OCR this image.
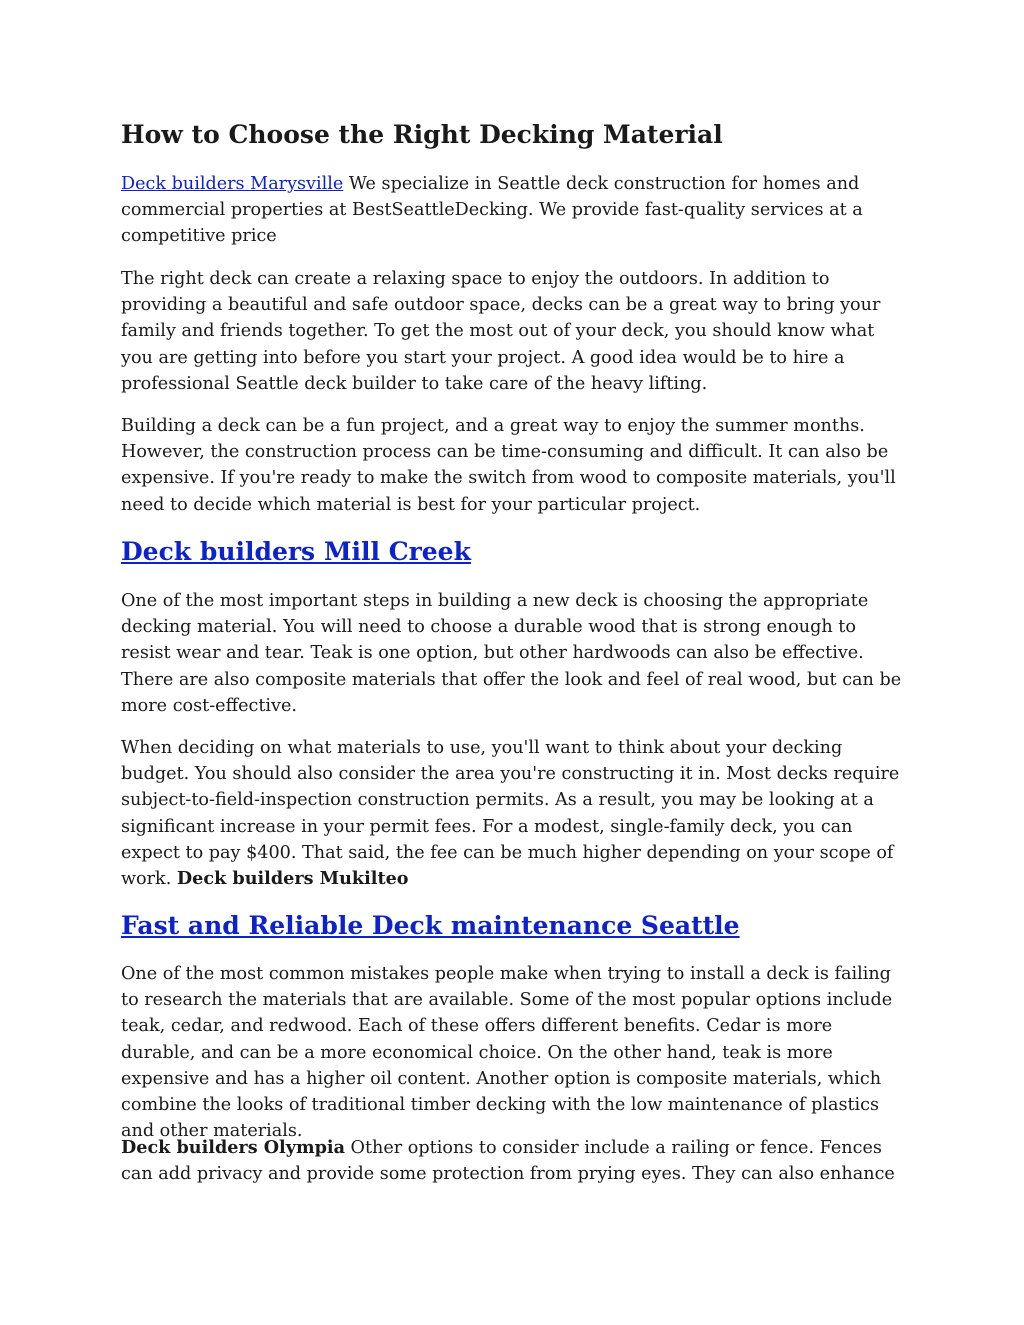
How to Choose the Right Decking Material

Deck builders Marysville We specialize in Seattle deck construction for homes and commercial properties at BestSeattleDecking. We provide fast-quality services at a competitive price

The right deck can create a relaxing space to enjoy the outdoors. In addition to providing a beautiful and safe outdoor space, decks can be a great way to bring your family and friends together. To get the most out of your deck, you should know what you are getting into before you start your project. A good idea would be to hire a professional Seattle deck builder to take care of the heavy lifting.

Building a deck can be a fun project, and a great way to enjoy the summer months. However, the construction process can be time-consuming and difficult. It can also be expensive. If you're ready to make the switch from wood to composite materials, you'll need to decide which material is best for your particular project.

Deck builders Mill Creek

One of the most important steps in building a new deck is choosing the appropriate decking material. You will need to choose a durable wood that is strong enough to resist wear and tear. Teak is one option, but other hardwoods can also be effective. There are also composite materials that offer the look and feel of real wood, but can be more cost-effective.

When deciding on what materials to use, you'll want to think about your decking budget. You should also consider the area you're constructing it in. Most decks require subject-to-field-inspection construction permits. As a result, you may be looking at a significant increase in your permit fees. For a modest, single-family deck, you can expect to pay $400. That said, the fee can be much higher depending on your scope of work. Deck builders Mukilteo

Fast and Reliable Deck maintenance Seattle

One of the most common mistakes people make when trying to install a deck is failing to research the materials that are available. Some of the most popular options include teak, cedar, and redwood. Each of these offers different benefits. Cedar is more durable, and can be a more economical choice. On the other hand, teak is more expensive and has a higher oil content. Another option is composite materials, which combine the looks of traditional timber decking with the low maintenance of plastics and other materials.

Deck builders Olympia Other options to consider include a railing or fence. Fences can add privacy and provide some protection from prying eyes. They can also enhance
